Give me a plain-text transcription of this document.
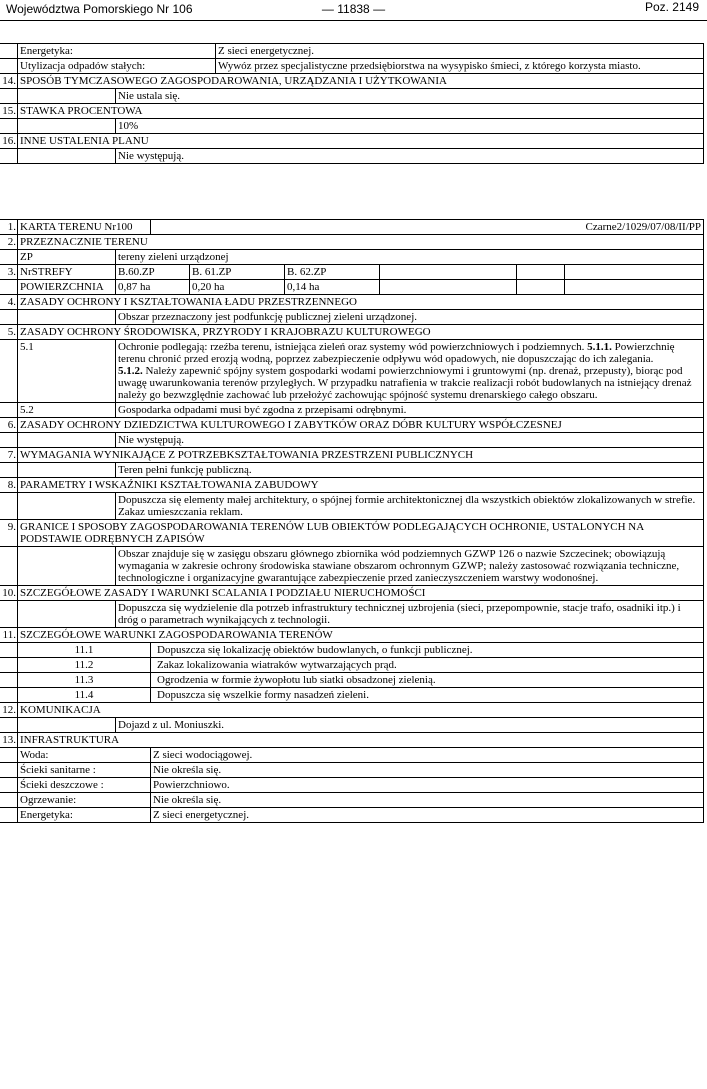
Województwa Pomorskiego Nr 106	— 11838 —	Poz. 2149
	Energetyka:	Z sieci energetycznej.
	Utylizacja odpadów stałych:	Wywóz przez specjalistyczne przedsiębiorstwa na wysypisko śmieci, z którego korzysta miasto.
14.	SPOSÓB TYMCZASOWEGO ZAGOSPODAROWANIA, URZĄDZANIA I UŻYTKOWANIA	
		Nie ustala się.
15.	STAWKA PROCENTOWA	
		10%
16.	INNE USTALENIA PLANU	
		Nie występują.
1.	KARTA TERENU Nr100	Czarne2/1029/07/08/II/PP
2.	PRZEZNACZNIE TERENU	
	ZP	tereny zieleni urządzonej
3.	NrSTREFY	B.60.ZP	B. 61.ZP	B. 62.ZP			
	POWIERZCHNIA	0,87 ha	0,20 ha	0,14 ha			
4.	ZASADY OCHRONY I KSZTAŁTOWANIA ŁADU PRZESTRZENNEGO	
		Obszar przeznaczony jest podfunkcję publicznej zieleni urządzonej.
5.	ZASADY OCHRONY ŚRODOWISKA, PRZYRODY I KRAJOBRAZU KULTUROWEGO	
	5.1	Ochronie podlegają: rzeźba terenu, istniejąca zieleń oraz systemy wód powierzchniowych i podziemnych. 5.1.1. Powierzchnię terenu chronić przed erozją wodną, poprzez zabezpieczenie odpływu wód opadowych, nie dopuszczając do ich zalegania.
5.1.2. Należy zapewnić spójny system gospodarki wodami powierzchniowymi i gruntowymi (np. drenaż, przepusty), biorąc pod uwagę uwarunkowania terenów przyległych. W przypadku natrafienia w trakcie realizacji robót budowlanych na istniejący drenaż należy go bezwzględnie zachować lub przełożyć zachowując spójność systemu drenarskiego całego obszaru.
	5.2	Gospodarka odpadami musi być zgodna z przepisami odrębnymi.
6.	ZASADY OCHRONY DZIEDZICTWA KULTUROWEGO I ZABYTKÓW ORAZ DÓBR KULTURY WSPÓŁCZESNEJ	
		Nie występują.
7.	WYMAGANIA WYNIKAJĄCE Z POTRZEBKSZTAŁTOWANIA PRZESTRZENI PUBLICZNYCH	
		Teren pełni funkcję publiczną.
8.	PARAMETRY I WSKAŹNIKI KSZTAŁTOWANIA ZABUDOWY	
		Dopuszcza się elementy małej architektury, o spójnej formie architektonicznej dla wszystkich obiektów zlokalizowanych w strefie. Zakaz umieszczania reklam.
9.	GRANICE I SPOSOBY ZAGOSPODAROWANIA TERENÓW LUB OBIEKTÓW PODLEGAJĄCYCH OCHRONIE, USTALONYCH NA PODSTAWIE ODRĘBNYCH ZAPISÓW	
		Obszar znajduje się w zasięgu obszaru głównego zbiornika wód podziemnych GZWP 126 o nazwie Szczecinek; obowiązują wymagania w zakresie ochrony środowiska stawiane obszarom ochronnym GZWP; należy zastosować rozwiązania techniczne, technologiczne i organizacyjne gwarantujące zabezpieczenie przed zanieczyszczeniem warstwy wodonośnej.
10.	SZCZEGÓŁOWE ZASADY I WARUNKI SCALANIA I PODZIAŁU NIERUCHOMOŚCI	
		Dopuszcza się wydzielenie dla potrzeb infrastruktury technicznej uzbrojenia (sieci, przepompownie, stacje trafo, osadniki itp.) i dróg o parametrach wynikających z technologii.
11.	SZCZEGÓŁOWE WARUNKI ZAGOSPODAROWANIA TERENÓW	
	11.1	Dopuszcza się lokalizację obiektów budowlanych, o funkcji publicznej.
	11.2	Zakaz lokalizowania wiatraków wytwarzających prąd.
	11.3	Ogrodzenia w formie żywopłotu lub siatki obsadzonej zielenią.
	11.4	Dopuszcza się wszelkie formy nasadzeń zieleni.
12.	KOMUNIKACJA	
		Dojazd z ul. Moniuszki.
13.	INFRASTRUKTURA	
	Woda:	Z sieci wodociągowej.
	Ścieki sanitarne :	Nie określa się.
	Ścieki deszczowe :	Powierzchniowo.
	Ogrzewanie:	Nie określa się.
	Energetyka:	Z sieci energetycznej.
